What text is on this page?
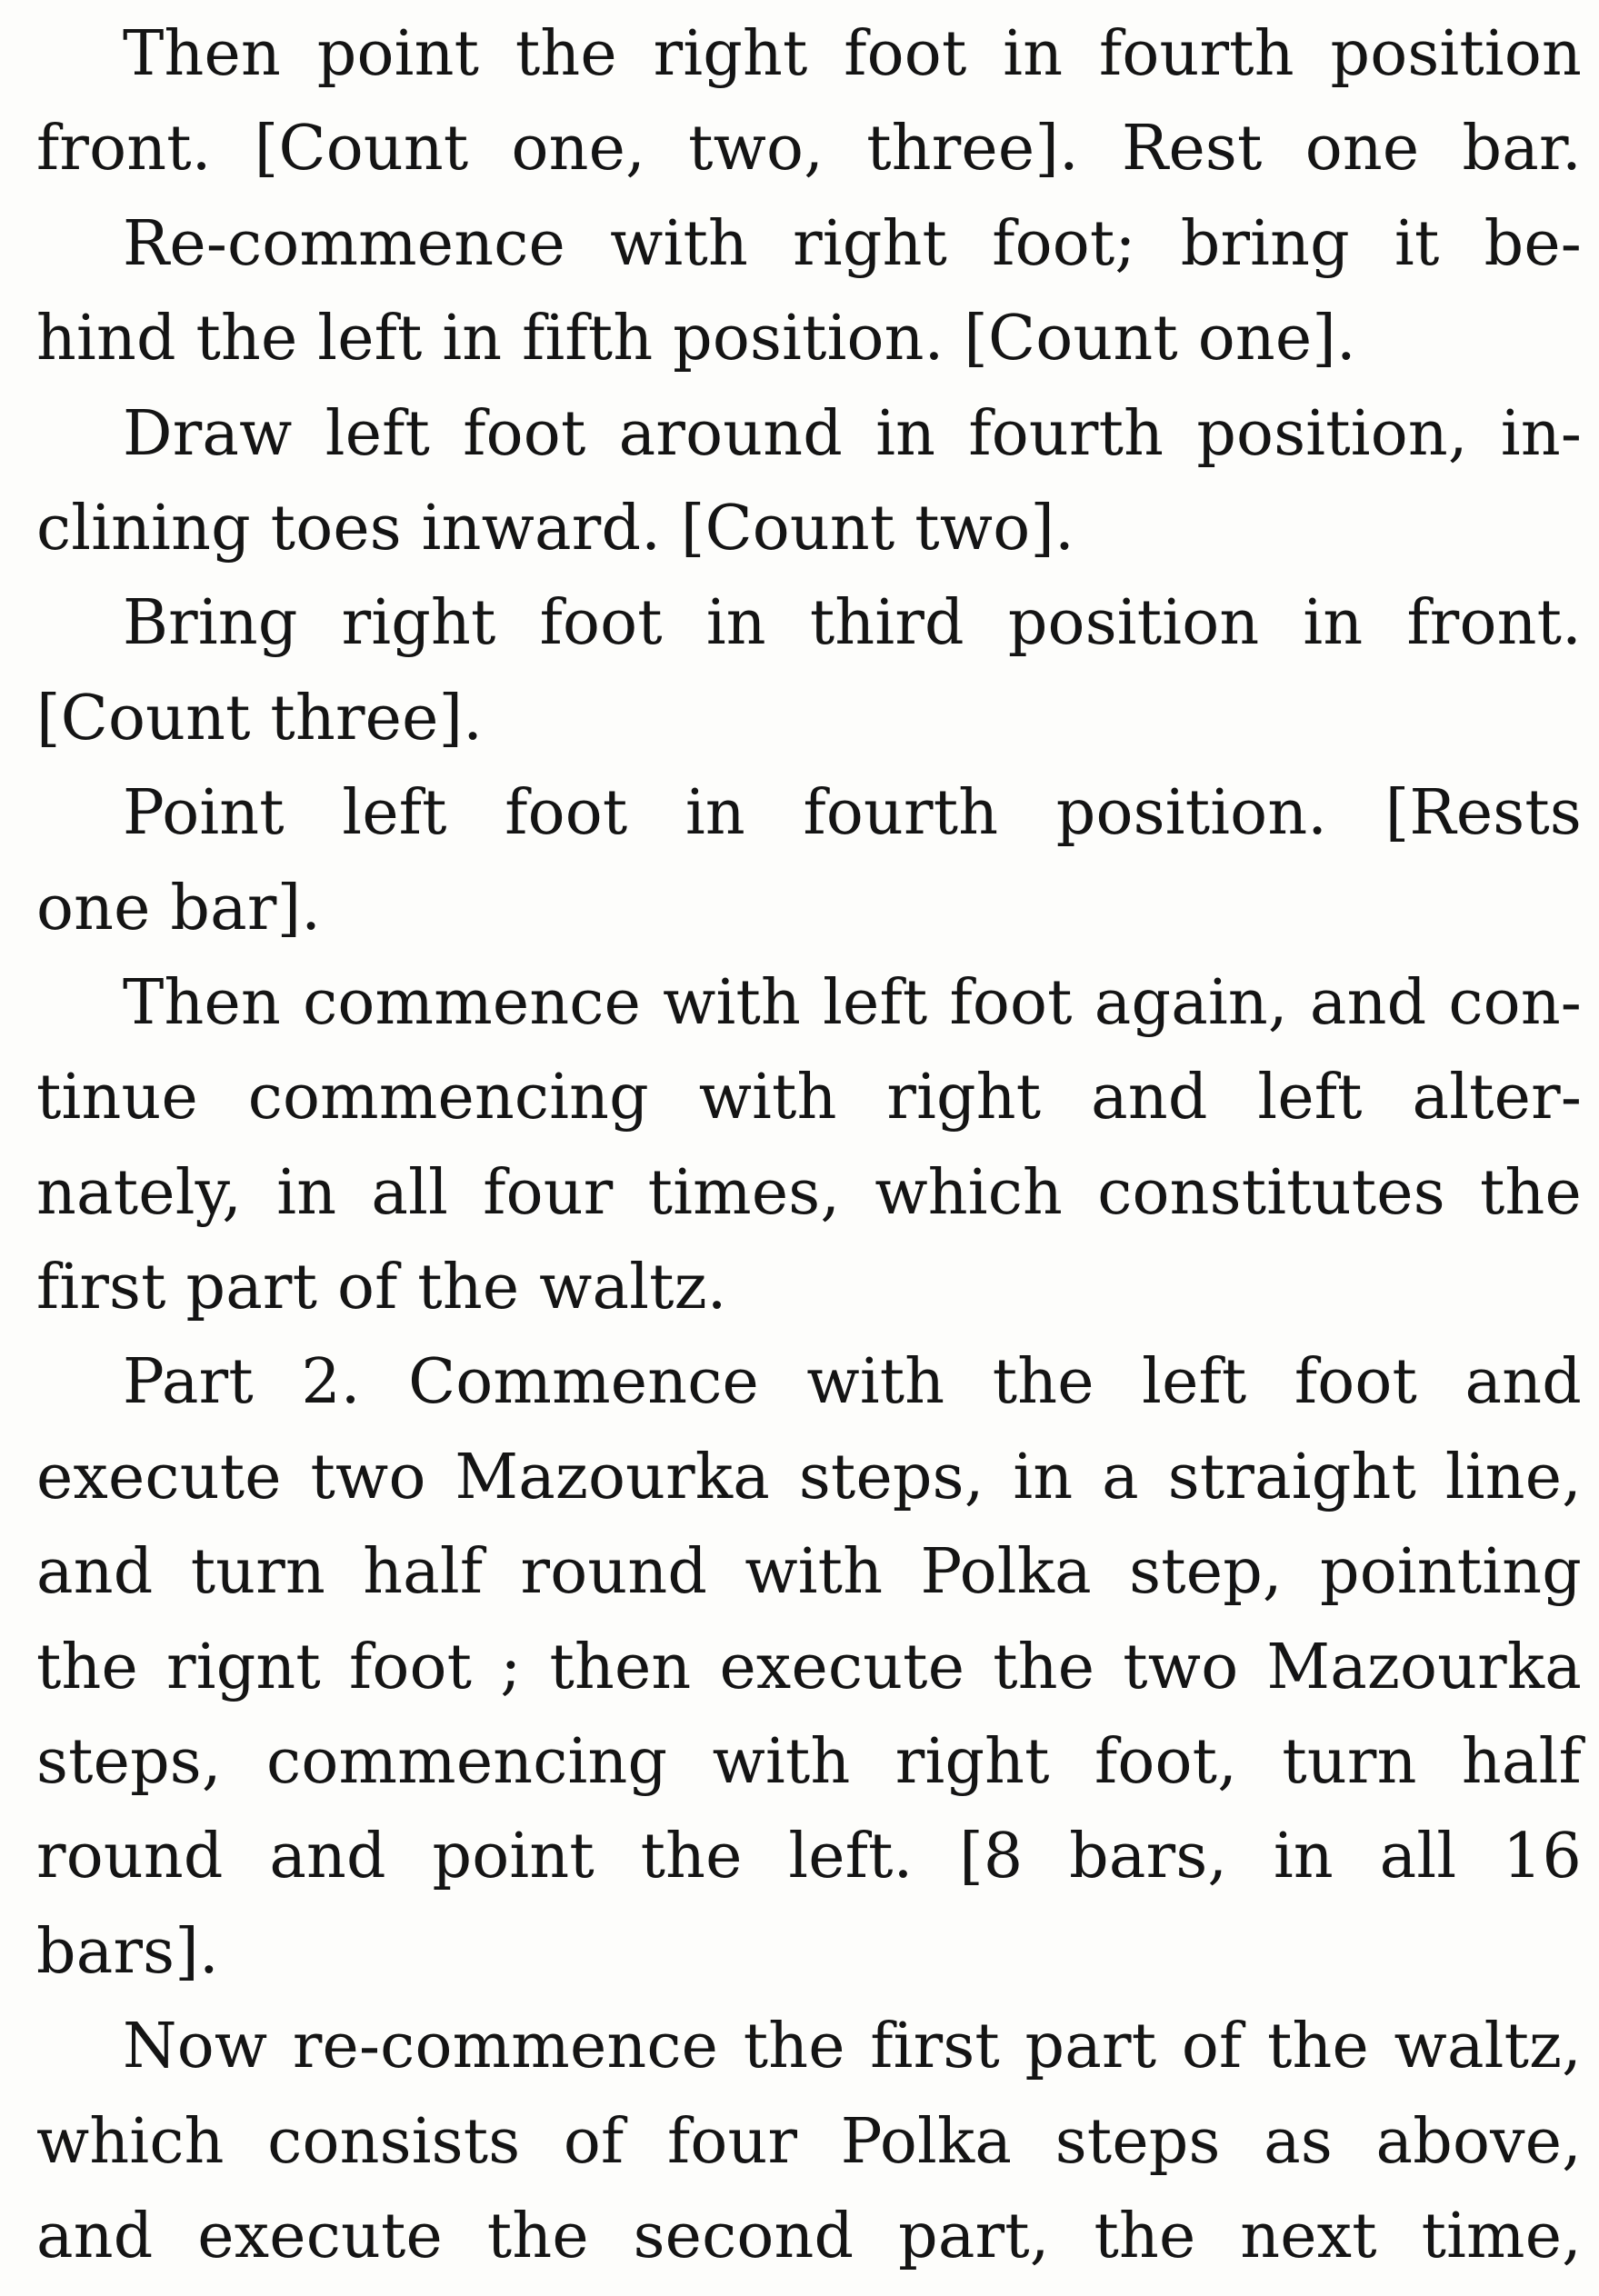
Then point the right foot in fourth position
front. [Count one, two, three]. Rest one bar.
Re-commence with right foot; bring it be-
hind the left in fifth position. [Count one].
Draw left foot around in fourth position, in-
clining toes inward. [Count two].
Bring right foot in third position in front.
[Count three].
Point left foot in fourth position. [Rests
one bar].
Then commence with left foot again, and con-
tinue commencing with right and left alter-
nately, in all four times, which constitutes the
first part of the waltz.
Part 2. Commence with the left foot and
execute two Mazourka steps, in a straight line,
and turn half round with Polka step, pointing
the rignt foot ; then execute the two Mazourka
steps, commencing with right foot, turn half
round and point the left. [8 bars, in all 16
bars].
Now re-commence the first part of the waltz,
which consists of four Polka steps as above,
and execute the second part, the next time,
